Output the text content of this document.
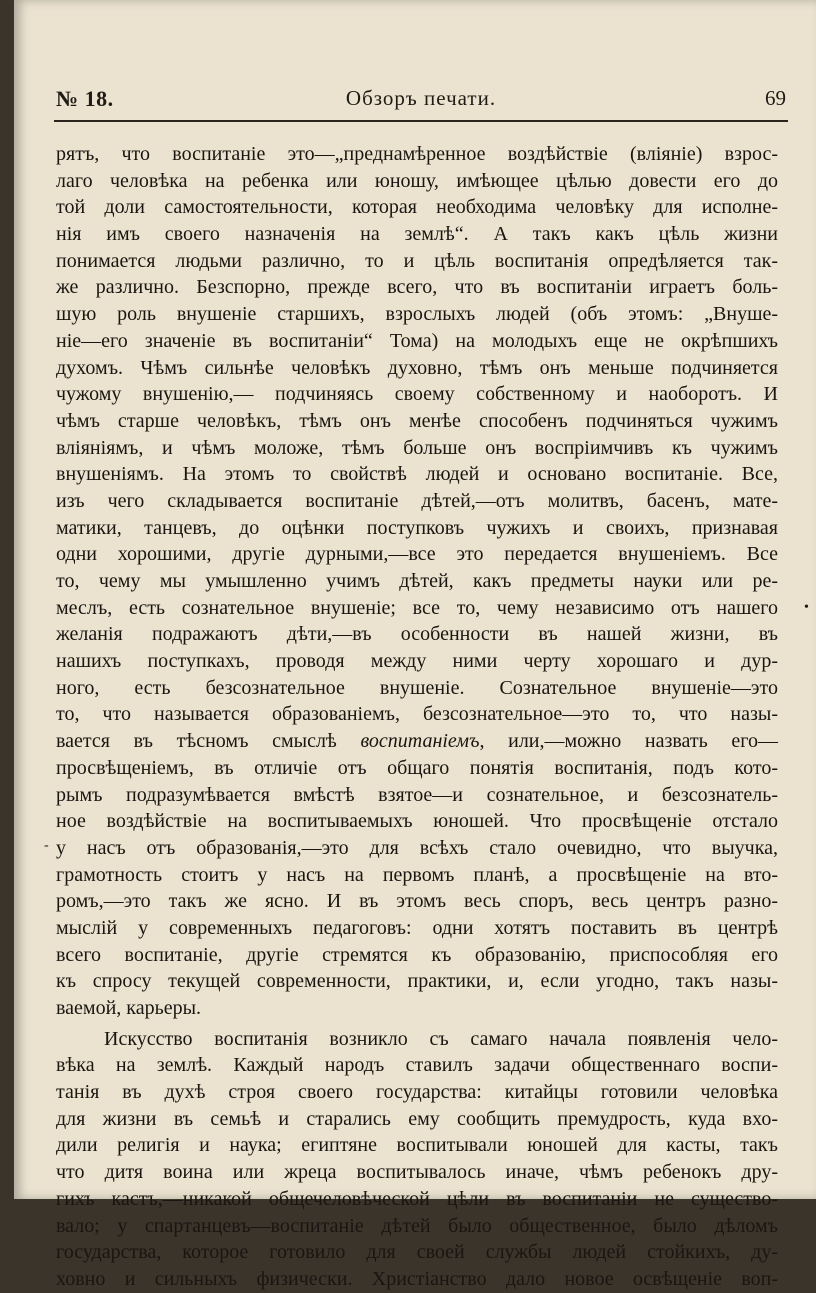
№ 18.	Обзоръ печати.	69
рятъ, что воспитаніе это—„преднамѣренное воздѣйствіе (вліяніе) взрос-
лаго человѣка на ребенка или юношу, имѣющее цѣлью довести его до
той доли самостоятельности, которая необходима человѣку для исполне-
нія имъ своего назначенія на землѣ“. А такъ какъ цѣль жизни
понимается людьми различно, то и цѣль воспитанія опредѣляется так-
же различно. Безспорно, прежде всего, что въ воспитаніи играетъ боль-
шую роль внушеніе старшихъ, взрослыхъ людей (объ этомъ: „Внуше-
ніе—его значеніе въ воспитаніи“ Тома) на молодыхъ еще не окрѣпшихъ
духомъ. Чѣмъ сильнѣе человѣкъ духовно, тѣмъ онъ меньше подчиняется
чужому внушенію,— подчиняясь своему собственному и наоборотъ. И
чѣмъ старше человѣкъ, тѣмъ онъ менѣе способенъ подчиняться чужимъ
вліяніямъ, и чѣмъ моложе, тѣмъ больше онъ воспріимчивъ къ чужимъ
внушеніямъ. На этомъ то свойствѣ людей и основано воспитаніе. Все,
изъ чего складывается воспитаніе дѣтей,—отъ молитвъ, басенъ, мате-
матики, танцевъ, до оцѣнки поступковъ чужихъ и своихъ, признавая
одни хорошими, другіе дурными,—все это передается внушеніемъ. Все
то, чему мы умышленно учимъ дѣтей, какъ предметы науки или ре-
меслъ, есть сознательное внушеніе; все то, чему независимо отъ нашего
желанія подражаютъ дѣти,—въ особенности въ нашей жизни, въ
нашихъ поступкахъ, проводя между ними черту хорошаго и дур-
ного, есть безсознательное внушеніе. Сознательное внушеніе—это
то, что называется образованіемъ, безсознательное—это то, что назы-
вается въ тѣсномъ смыслѣ воспитаніемъ, или,—можно назвать его—
просвѣщеніемъ, въ отличіе отъ общаго понятія воспитанія, подъ кото-
рымъ подразумѣвается вмѣстѣ взятое—и сознательное, и безсознатель-
ное воздѣйствіе на воспитываемыхъ юношей. Что просвѣщеніе отстало
у насъ отъ образованія,—это для всѣхъ стало очевидно, что выучка,
грамотность стоитъ у насъ на первомъ планѣ, а просвѣщеніе на вто-
ромъ,—это такъ же ясно. И въ этомъ весь споръ, весь центръ разно-
мыслій у современныхъ педагоговъ: одни хотятъ поставить въ центрѣ
всего воспитаніе, другіе стремятся къ образованію, приспособляя его
къ спросу текущей современности, практики, и, если угодно, такъ назы-
ваемой, карьеры.
Искусство воспитанія возникло съ самаго начала появленія чело-
вѣка на землѣ. Каждый народъ ставилъ задачи общественнаго воспи-
танія въ духѣ строя своего государства: китайцы готовили человѣка
для жизни въ семьѣ и старались ему сообщить премудрость, куда вхо-
дили религія и наука; египтяне воспитывали юношей для касты, такъ
что дитя воина или жреца воспитывалось иначе, чѣмъ ребенокъ дру-
гихъ кастъ,—никакой общечеловѣческой цѣли въ воспитаніи не существо-
вало; у спартанцевъ—воспитаніе дѣтей было общественное, было дѣломъ
государства, которое готовило для своей службы людей стойкихъ, ду-
ховно и сильныхъ физически. Христіанство дало новое освѣщеніе воп-
•
-
